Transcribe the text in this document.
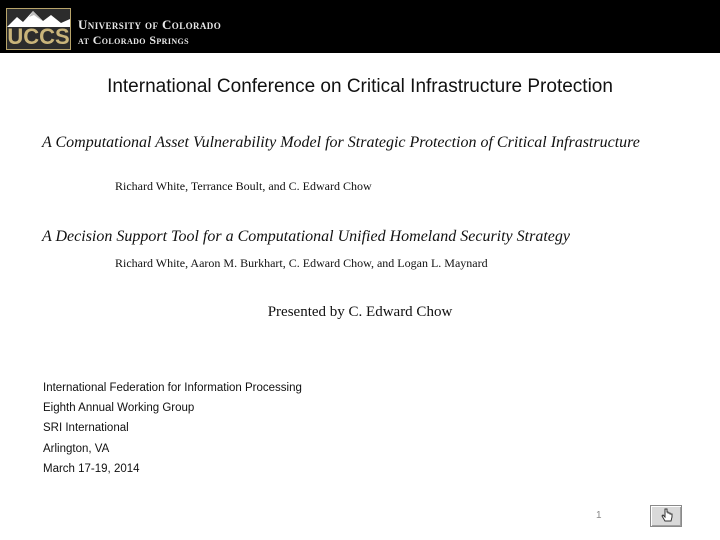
UCCS University of Colorado
at Colorado Springs
International Conference on Critical Infrastructure Protection
A Computational Asset Vulnerability Model for Strategic Protection of Critical Infrastructure
Richard White, Terrance Boult, and C. Edward Chow
A Decision Support Tool for a Computational Unified Homeland Security Strategy
Richard White, Aaron M. Burkhart, C. Edward Chow, and Logan L. Maynard
Presented by C. Edward Chow
International Federation for Information Processing
Eighth Annual Working Group
SRI International
Arlington, VA
March 17-19, 2014
1
